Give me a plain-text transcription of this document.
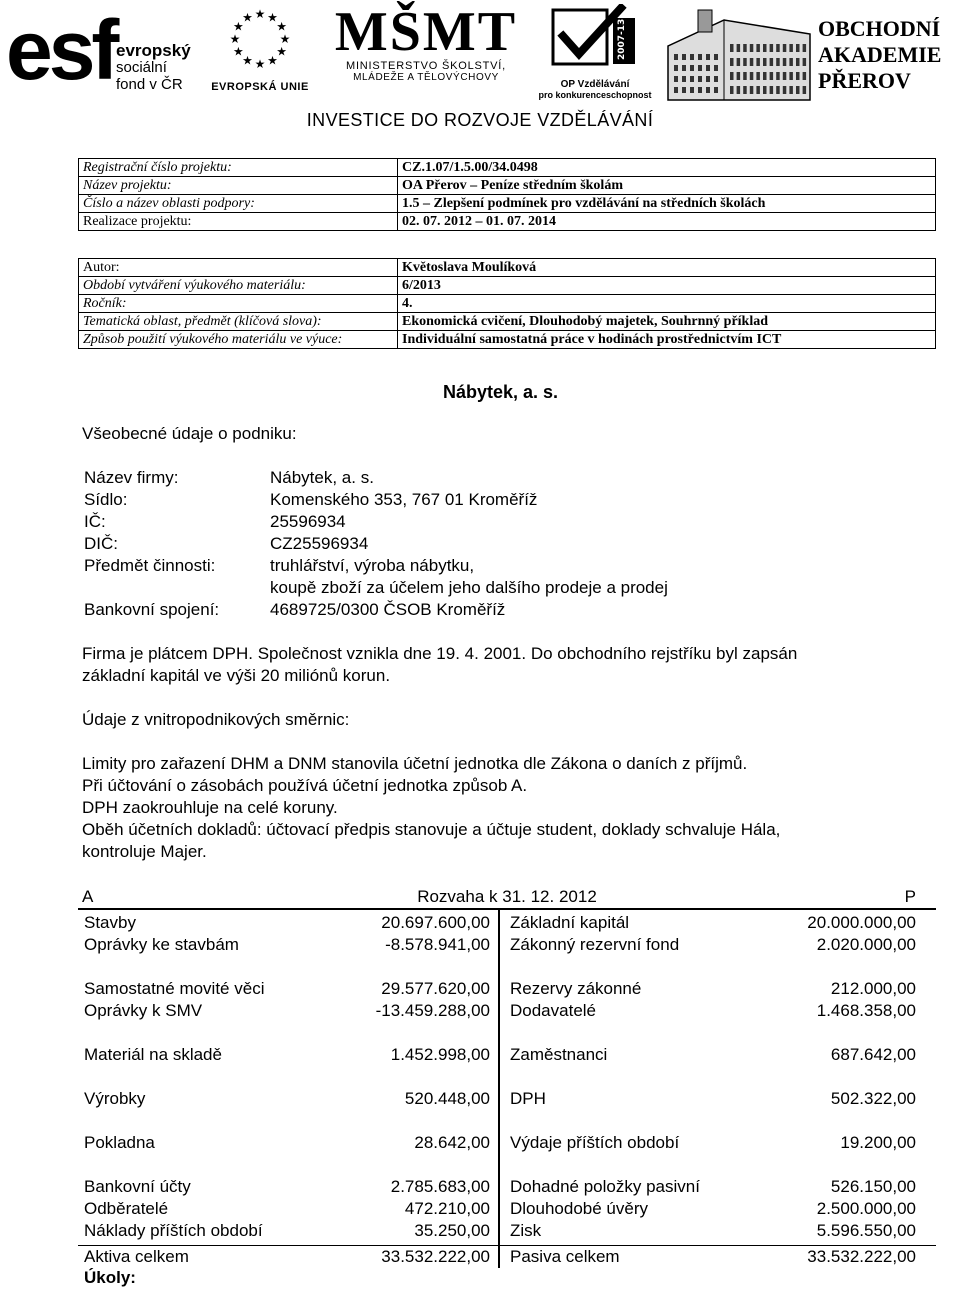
esf evropský
sociální
fond v ČR
★ ★
★
★
★
★
★
★
★
★
★
★
EVROPSKÁ UNIE
MŠMT
MINISTERSTVO ŠKOLSTVÍ,
MLÁDEŽE A TĚLOVÝCHOVY
2007-13
OP Vzdělávání
pro konkurenceschopnost
OBCHODNÍ
AKADEMIE
PŘEROV
INVESTICE DO ROZVOJE VZDĚLÁVÁNÍ
Registrační číslo projektu:	CZ.1.07/1.5.00/34.0498
Název projektu:	OA Přerov – Peníze středním školám
Číslo a název oblasti podpory:	1.5 – Zlepšení podmínek pro vzdělávání na středních školách
Realizace projektu:	02. 07. 2012 – 01. 07. 2014
Autor:	Květoslava Moulíková
Období vytváření výukového materiálu:	6/2013
Ročník:	4.
Tematická oblast, předmět (klíčová slova):	Ekonomická cvičení, Dlouhodobý majetek, Souhrnný příklad
Způsob použití výukového materiálu ve výuce:	Individuální samostatná práce v hodinách prostřednictvím ICT
Nábytek, a. s.
Všeobecné údaje o podniku:
Název firmy:	Nábytek, a. s.
Sídlo:	Komenského 353, 767 01 Kroměříž
IČ:	25596934
DIČ:	CZ25596934
Předmět činnosti:	truhlářství, výroba nábytku,
koupě zboží za účelem jeho dalšího prodeje a prodej
Bankovní spojení:	4689725/0300 ČSOB Kroměříž
Firma je plátcem DPH. Společnost vznikla dne 19. 4. 2001. Do obchodního rejstříku byl zapsán
základní kapitál ve výši 20 miliónů korun.
Údaje z vnitropodnikových směrnic:
Limity pro zařazení DHM a DNM stanovila účetní jednotka dle Zákona o daních z příjmů.
Při účtování o zásobách používá účetní jednotka způsob A.
DPH zaokrouhluje na celé koruny.
Oběh účetních dokladů: účtovací předpis stanovuje a účtuje student, doklady schvaluje Hála,
kontroluje Majer.
A	Rozvaha k 31. 12. 2012	P
Stavby	20.697.600,00 Základní kapitál	20.000.000,00
Oprávky ke stavbám	-8.578.941,00 Zákonný rezervní fond	2.020.000,00
Samostatné movité věci	29.577.620,00 Rezervy zákonné	212.000,00
Oprávky k SMV	-13.459.288,00 Dodavatelé	1.468.358,00
Materiál na skladě	1.452.998,00 Zaměstnanci	687.642,00
Výrobky	520.448,00 DPH	502.322,00
Pokladna	28.642,00 Výdaje příštích období	19.200,00
Bankovní účty	2.785.683,00 Dohadné položky pasivní	526.150,00
Odběratelé	472.210,00 Dlouhodobé úvěry	2.500.000,00
Náklady příštích období	35.250,00 Zisk	5.596.550,00
Aktiva celkem	33.532.222,00 Pasiva celkem	33.532.222,00
Úkoly:
